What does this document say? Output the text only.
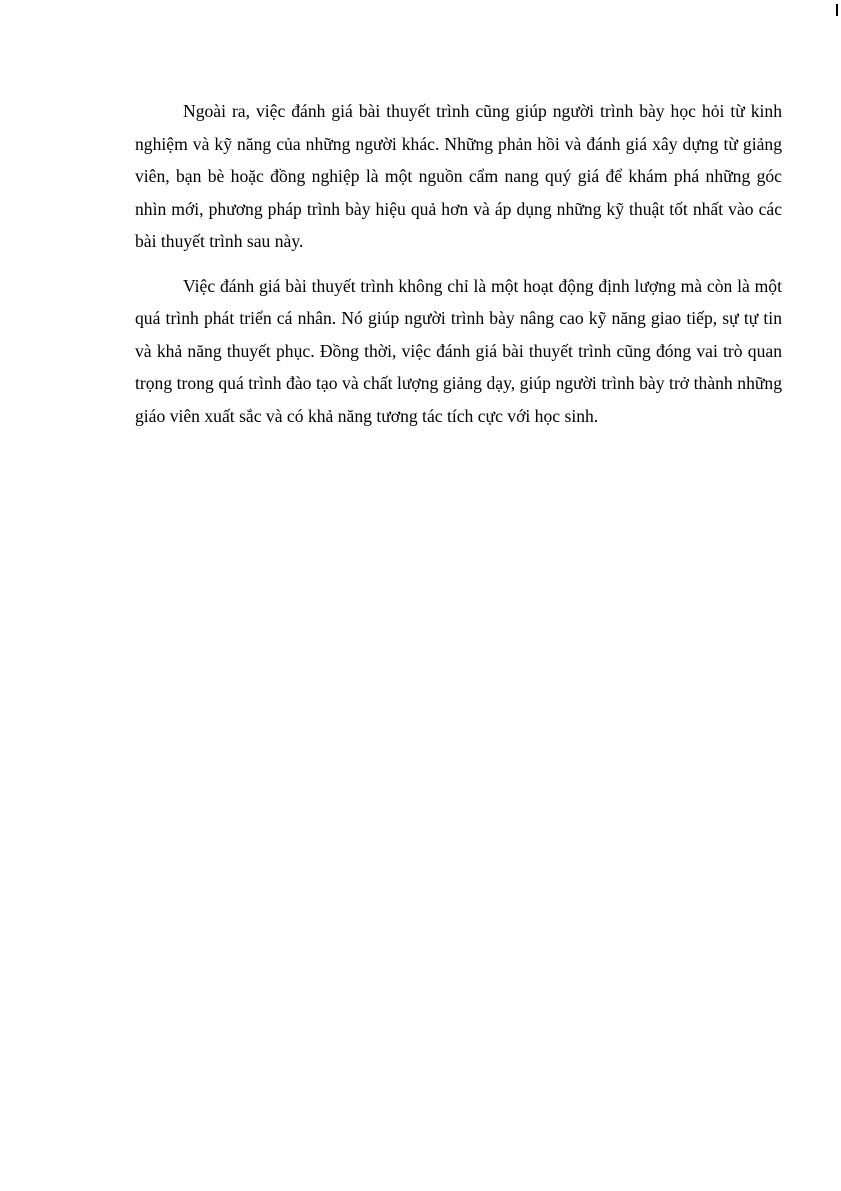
Ngoài ra, việc đánh giá bài thuyết trình cũng giúp người trình bày học hỏi từ kinh nghiệm và kỹ năng của những người khác. Những phản hồi và đánh giá xây dựng từ giảng viên, bạn bè hoặc đồng nghiệp là một nguồn cẩm nang quý giá để khám phá những góc nhìn mới, phương pháp trình bày hiệu quả hơn và áp dụng những kỹ thuật tốt nhất vào các bài thuyết trình sau này.

Việc đánh giá bài thuyết trình không chỉ là một hoạt động định lượng mà còn là một quá trình phát triển cá nhân. Nó giúp người trình bày nâng cao kỹ năng giao tiếp, sự tự tin và khả năng thuyết phục. Đồng thời, việc đánh giá bài thuyết trình cũng đóng vai trò quan trọng trong quá trình đào tạo và chất lượng giảng dạy, giúp người trình bày trở thành những giáo viên xuất sắc và có khả năng tương tác tích cực với học sinh.
